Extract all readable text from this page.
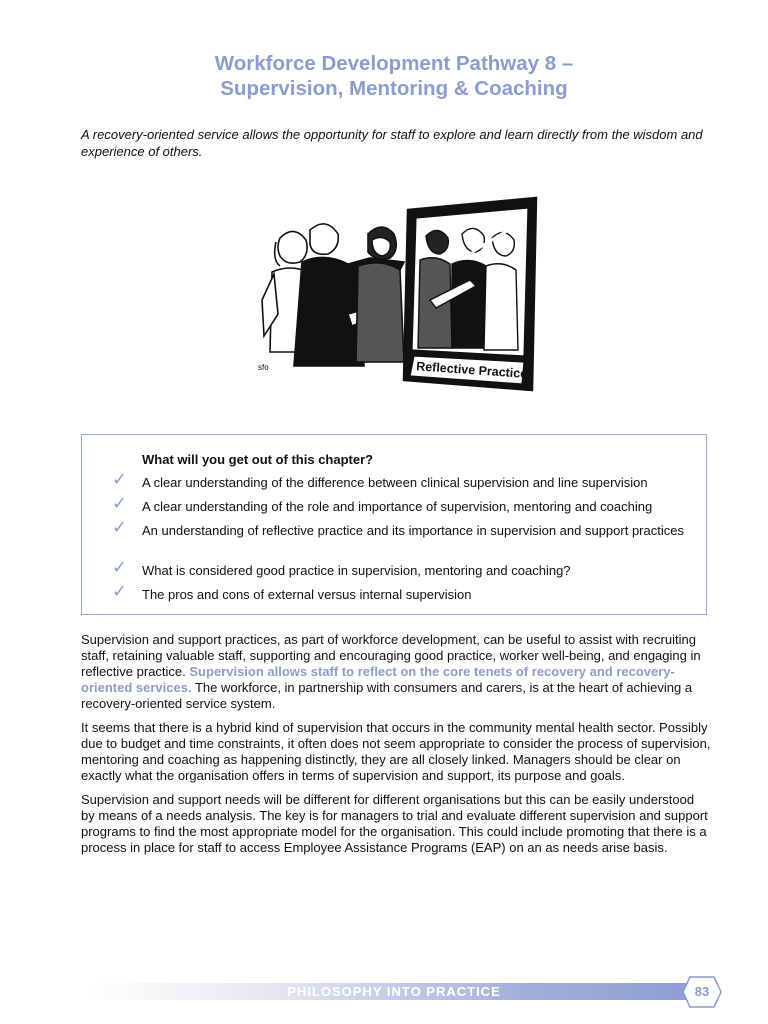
Workforce Development Pathway 8 –
Supervision, Mentoring & Coaching
A recovery-oriented service allows the opportunity for staff to explore and learn directly from the wisdom and experience of others.
sfo	Reflective Practice
What will you get out of this chapter?
✓ A clear understanding of the difference between clinical supervision and line supervision
✓ A clear understanding of the role and importance of supervision, mentoring and coaching
✓ An understanding of reflective practice and its importance in supervision and support practices
✓ What is considered good practice in supervision, mentoring and coaching?
✓ The pros and cons of external versus internal supervision

Supervision and support practices, as part of workforce development, can be useful to assist with recruiting staff, retaining valuable staff, supporting and encouraging good practice, worker well-being, and engaging in reflective practice. Supervision allows staff to reflect on the core tenets of recovery and recovery-oriented services. The workforce, in partnership with consumers and carers, is at the heart of achieving a recovery-oriented service system.

It seems that there is a hybrid kind of supervision that occurs in the community mental health sector. Possibly due to budget and time constraints, it often does not seem appropriate to consider the process of supervision, mentoring and coaching as happening distinctly, they are all closely linked. Managers should be clear on exactly what the organisation offers in terms of supervision and support, its purpose and goals.

Supervision and support needs will be different for different organisations but this can be easily understood by means of a needs analysis. The key is for managers to trial and evaluate different supervision and support programs to find the most appropriate model for the organisation. This could include promoting that there is a process in place for staff to access Employee Assistance Programs (EAP) on an as needs arise basis.

PHILOSOPHY INTO PRACTICE	83
